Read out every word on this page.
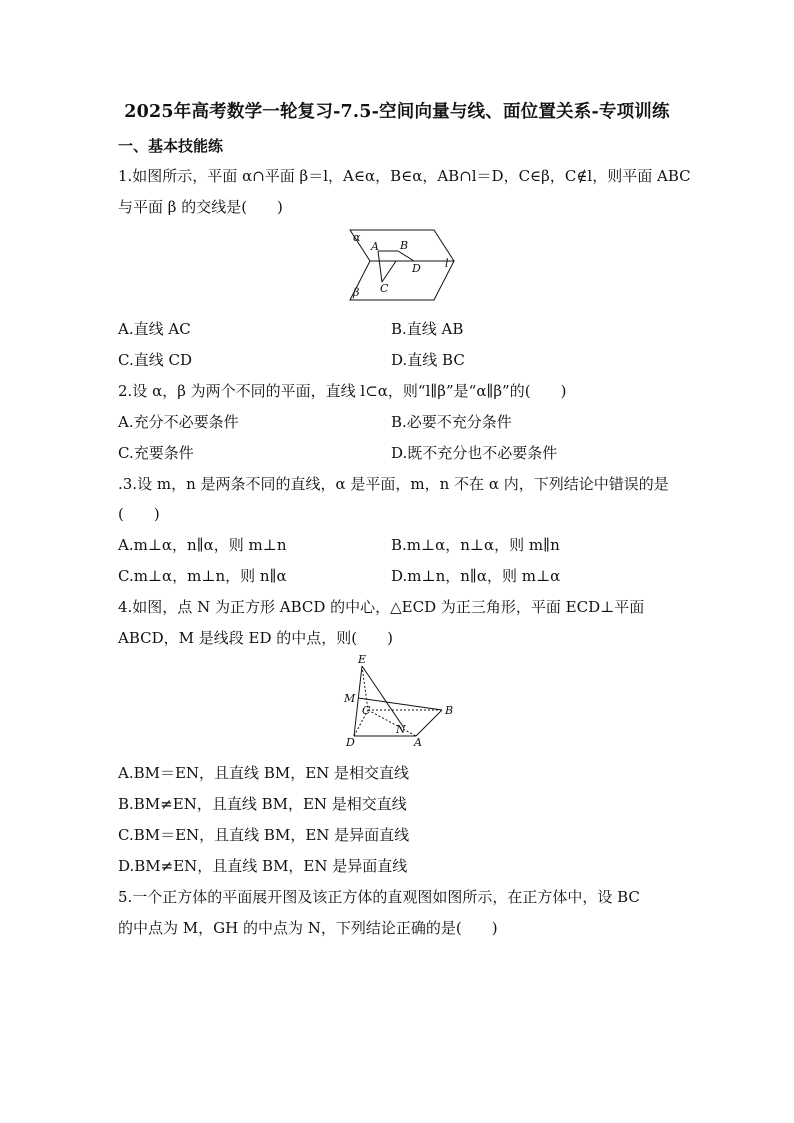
2025年高考数学一轮复习-7.5-空间向量与线、面位置关系-专项训练
一、基本技能练
1.如图所示，平面 α∩平面 β＝l，A∈α，B∈α，AB∩l＝D，C∈β，C∉l，则平面 ABC
与平面 β 的交线是(　　)
α
β
A B
D
C
l
A.直线 AC	B.直线 AB
C.直线 CD	D.直线 BC
2.设 α，β 为两个不同的平面，直线 l⊂α，则“l∥β”是“α∥β”的(　　)
A.充分不必要条件	B.必要不充分条件
C.充要条件	D.既不充分也不必要条件
.3.设 m，n 是两条不同的直线，α 是平面，m，n 不在 α 内，下列结论中错误的是
(　　)
A.m⊥α，n∥α，则 m⊥n	B.m⊥α，n⊥α，则 m∥n
C.m⊥α，m⊥n，则 n∥α	D.m⊥n，n∥α，则 m⊥α
4.如图，点 N 为正方形 ABCD 的中心，△ECD 为正三角形，平面 ECD⊥平面
ABCD，M 是线段 ED 的中点，则(　　)
E
M
C	B
N
D	A
A.BM＝EN，且直线 BM，EN 是相交直线
B.BM≠EN，且直线 BM，EN 是相交直线
C.BM＝EN，且直线 BM，EN 是异面直线
D.BM≠EN，且直线 BM，EN 是异面直线
5.一个正方体的平面展开图及该正方体的直观图如图所示，在正方体中，设 BC
的中点为 M，GH 的中点为 N，下列结论正确的是(　　)
